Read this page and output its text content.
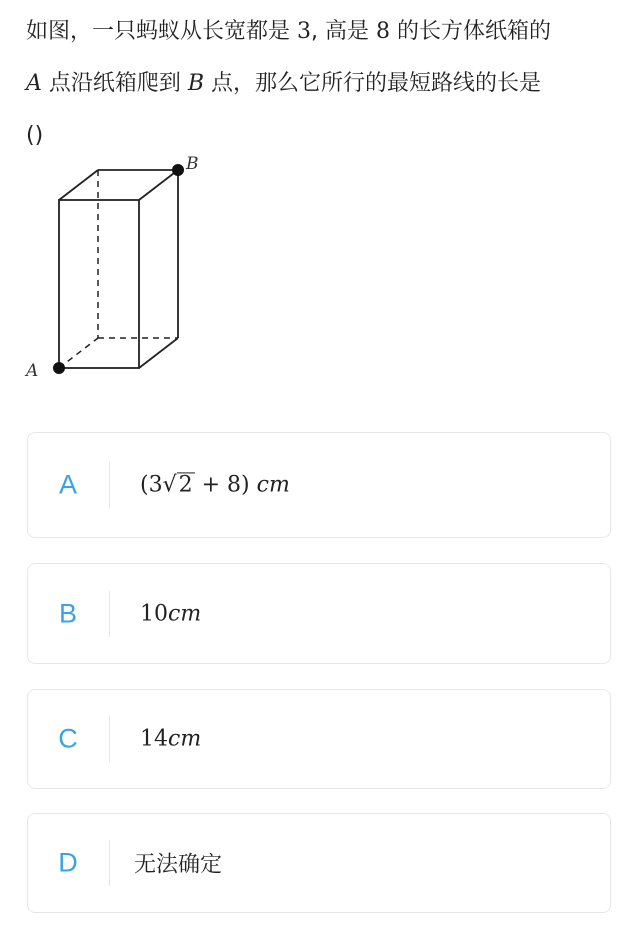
如图，一只蚂蚁从长宽都是 3, 高是 8 的长方体纸箱的
A 点沿纸箱爬到 B 点，那么它所行的最短路线的长是
()
A
B
A	(3√2 + 8) cm
B	10cm
C	14cm
D	无法确定
